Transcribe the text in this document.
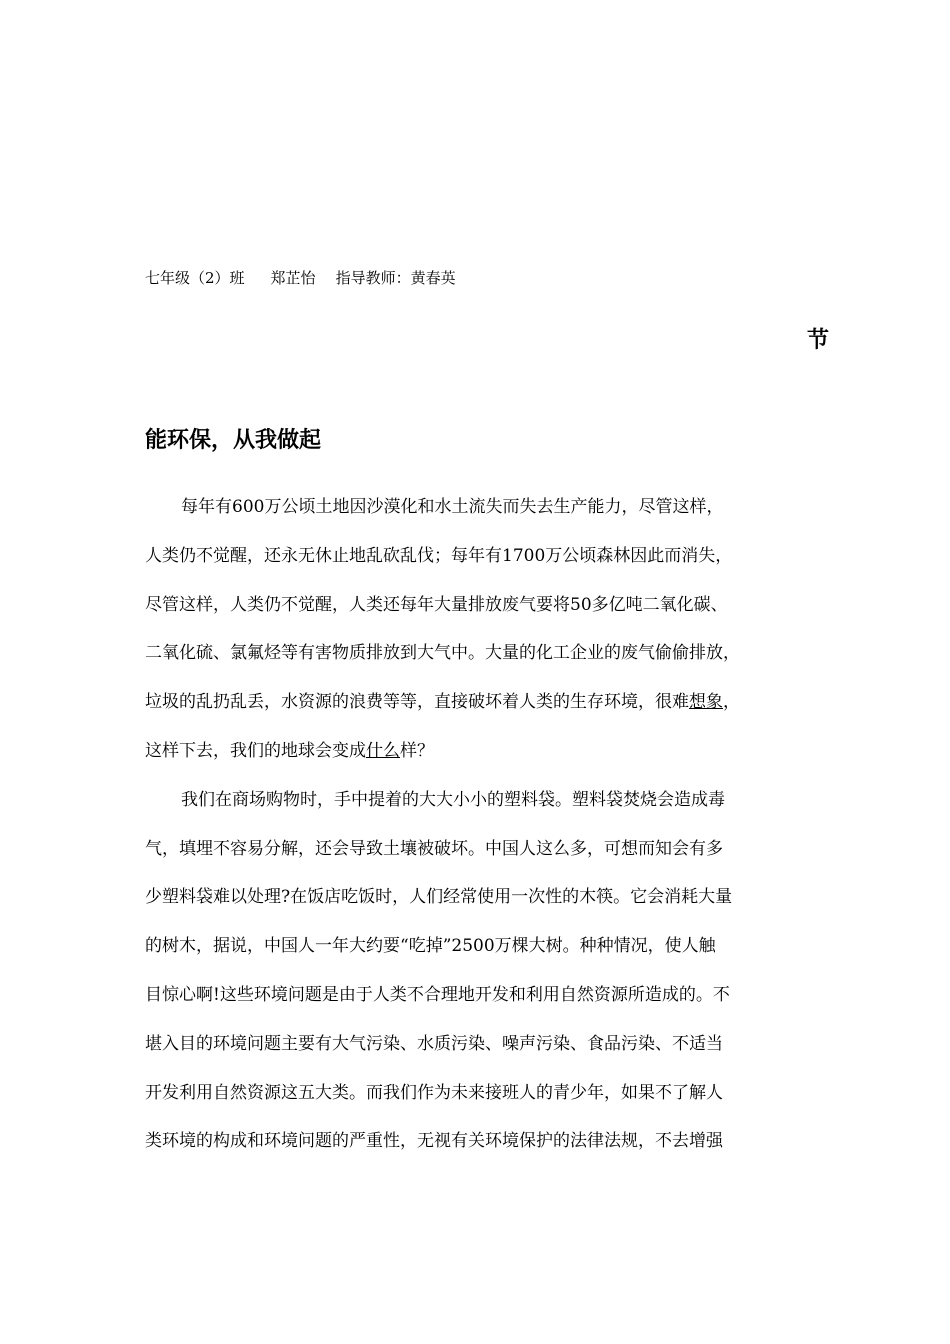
七年级（2）班 郑芷怡 指导教师：黄春英
节
能环保，从我做起
每年有600万公顷土地因沙漠化和水土流失而失去生产能力，尽管这样，
人类仍不觉醒，还永无休止地乱砍乱伐；每年有1700万公顷森林因此而消失，
尽管这样，人类仍不觉醒，人类还每年大量排放废气要将50多亿吨二氧化碳、
二氧化硫、氯氟烃等有害物质排放到大气中。大量的化工企业的废气偷偷排放，
垃圾的乱扔乱丢，水资源的浪费等等，直接破坏着人类的生存环境，很难想象，
这样下去，我们的地球会变成什么样？
我们在商场购物时，手中提着的大大小小的塑料袋。塑料袋焚烧会造成毒
气，填埋不容易分解，还会导致土壤被破坏。中国人这么多，可想而知会有多
少塑料袋难以处理?在饭店吃饭时，人们经常使用一次性的木筷。它会消耗大量
的树木，据说，中国人一年大约要“吃掉”2500万棵大树。种种情况，使人触
目惊心啊!这些环境问题是由于人类不合理地开发和利用自然资源所造成的。不
堪入目的环境问题主要有大气污染、水质污染、噪声污染、食品污染、不适当
开发利用自然资源这五大类。而我们作为未来接班人的青少年，如果不了解人
类环境的构成和环境问题的严重性，无视有关环境保护的法律法规，不去增强
